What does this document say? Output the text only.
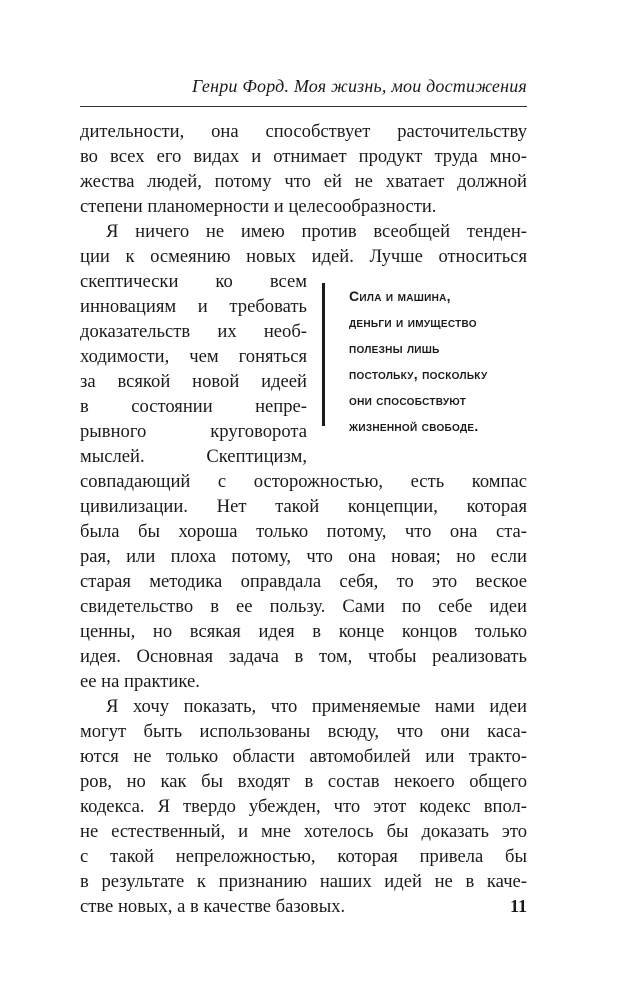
Генри Форд. Моя жизнь, мои достижения
дительности, она способствует расточительству
во всех его видах и отнимает продукт труда мно-
жества людей, потому что ей не хватает должной
степени планомерности и целесообразности.
Я ничего не имею против всеобщей тенден-
ции к осмеянию новых идей. Лучше относиться
скептически ко всем
инновациям и требовать
доказательств их необ-
ходимости, чем гоняться
за всякой новой идеей
в состоянии непре-
рывного круговорота
мыслей. Скептицизм,
Сила и машина,
деньги и имущество
полезны лишь
постольку, поскольку
они способствуют
жизненной свободе.
совпадающий с осторожностью, есть компас
цивилизации. Нет такой концепции, которая
была бы хороша только потому, что она ста-
рая, или плоха потому, что она новая; но если
старая методика оправдала себя, то это веское
свидетельство в ее пользу. Сами по себе идеи
ценны, но всякая идея в конце концов только
идея. Основная задача в том, чтобы реализовать
ее на практике.
Я хочу показать, что применяемые нами идеи
могут быть использованы всюду, что они каса-
ются не только области автомобилей или тракто-
ров, но как бы входят в состав некоего общего
кодекса. Я твердо убежден, что этот кодекс впол-
не естественный, и мне хотелось бы доказать это
с такой непреложностью, которая привела бы
в результате к признанию наших идей не в каче-
стве новых, а в качестве базовых.	11
